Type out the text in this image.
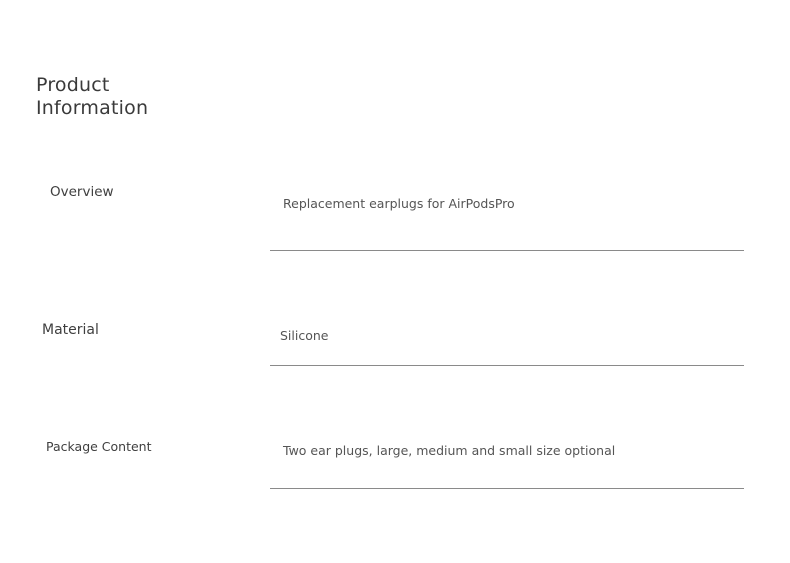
Product
Information
Overview
Replacement earplugs for AirPodsPro
Material	Silicone
Package Content	Two ear plugs, large, medium and small size optional
